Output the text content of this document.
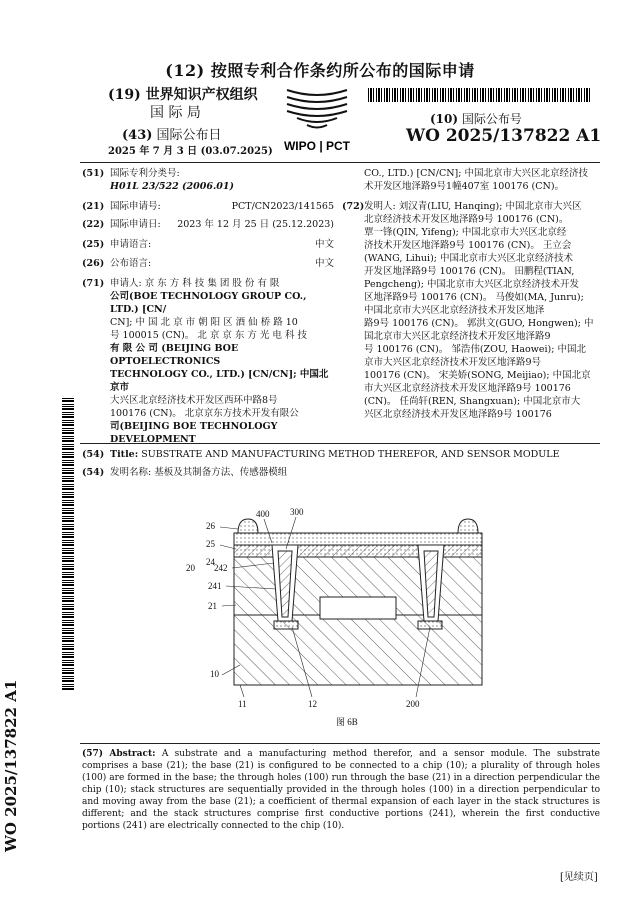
(12) 按照专利合作条约所公布的国际申请
(19) 世界知识产权组织
国 际 局
(43) 国际公布日
2025 年 7 月 3 日 (03.07.2025) WIPO | PCT
(10) 国际公布号
WO 2025/137822 A1
(51) 国际专利分类号:
H01L 23/522 (2006.01)
(21) 国际申请号:	PCT/CN2023/141565
(22) 国际申请日: 2023 年 12 月 25 日 (25.12.2023)
(25) 申请语言:	中文
(26) 公布语言:	中文
(71) 申请人: 京 东 方 科 技 集 团 股 份 有 限
公司(BOE TECHNOLOGY GROUP CO., LTD.) [CN/
CN]; 中 国 北 京 市 朝 阳 区 酒 仙 桥 路 10
号 100015 (CN)。 北 京 京 东 方 光 电 科 技
有 限 公 司 (BEIJING BOE OPTOELECTRONICS
TECHNOLOGY CO., LTD.) [CN/CN]; 中国北京市
大兴区北京经济技术开发区西环中路8号
100176 (CN)。 北京京东方技术开发有限公
司(BEIJING BOE TECHNOLOGY DEVELOPMENT
CO., LTD.) [CN/CN]; 中国北京市大兴区北京经济技
术开发区地泽路9号1幢407室 100176 (CN)。
(72) 发明人: 刘汉青(LIU, Hanqing); 中国北京市大兴区
北京经济技术开发区地泽路9号 100176 (CN)。
覃一锋(QIN, Yifeng); 中国北京市大兴区北京经
济技术开发区地泽路9号 100176 (CN)。 王立会
(WANG, Lihui); 中国北京市大兴区北京经济技术
开发区地泽路9号 100176 (CN)。 田鹏程(TIAN,
Pengcheng); 中国北京市大兴区北京经济技术开发
区地泽路9号 100176 (CN)。 马俊如(MA, Junru);
中国北京市大兴区北京经济技术开发区地泽
路9号 100176 (CN)。 郭洪文(GUO, Hongwen); 中
国北京市大兴区北京经济技术开发区地泽路9
号 100176 (CN)。 邹浩伟(ZOU, Haowei); 中国北
京市大兴区北京经济技术开发区地泽路9号
100176 (CN)。 宋美娇(SONG, Meijiao); 中国北京
市大兴区北京经济技术开发区地泽路9号 100176
(CN)。 任尚轩(REN, Shangxuan); 中国北京市大
兴区北京经济技术开发区地泽路9号 100176
(54) Title: SUBSTRATE AND MANUFACTURING METHOD THEREFOR, AND SENSOR MODULE
(54) 发明名称: 基板及其制备方法、传感器模组
26
25
20
24
242
241
21
10
11	12	200
400 300
图 6B
(57) Abstract: A substrate and a manufacturing method therefor, and a sensor module. The substrate comprises a base (21); the base (21) is configured to be connected to a chip (10); a plurality of through holes (100) are formed in the base; the through holes (100) run through the base (21) in a direction perpendicular the chip (10); stack structures are sequentially provided in the through holes (100) in a direction perpendicular to and moving away from the base (21); a coefficient of thermal expansion of each layer in the stack structures is different; and the stack structures comprise first conductive portions (241), wherein the first conductive portions (241) are electrically connected to the chip (10).
WO 2025/137822 A1
[见续页]
